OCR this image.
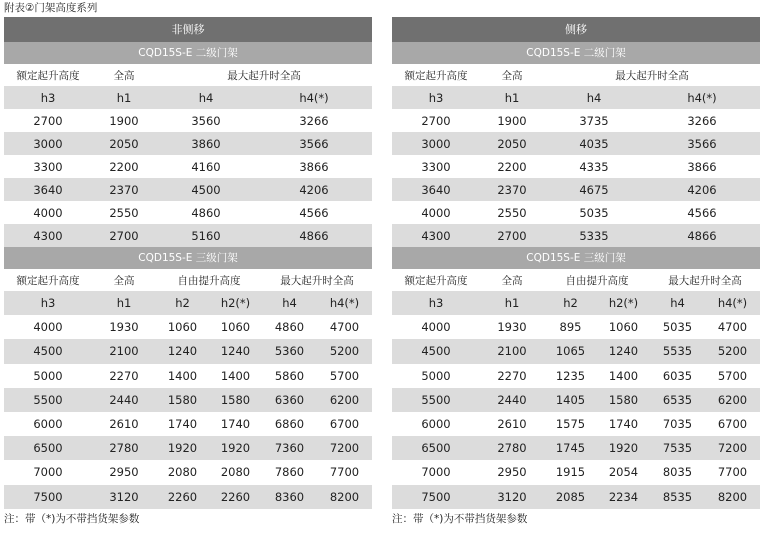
附表②门架高度系列
非侧移
CQD15S-E 二级门架
额定起升高度	全高	最大起升时全高
h3	h1	h4	h4(*)
2700	1900	3560	3266
3000	2050	3860	3566
3300	2200	4160	3866
3640	2370	4500	4206
4000	2550	4860	4566
4300	2700	5160	4866
CQD15S-E 三级门架
额定起升高度	全高	自由提升高度	最大起升时全高
h3	h1	h2	h2(*)	h4	h4(*)
4000	1930	1060	1060	4860	4700
4500	2100	1240	1240	5360	5200
5000	2270	1400	1400	5860	5700
5500	2440	1580	1580	6360	6200
6000	2610	1740	1740	6860	6700
6500	2780	1920	1920	7360	7200
7000	2950	2080	2080	7860	7700
7500	3120	2260	2260	8360	8200
侧移
CQD15S-E 二级门架
额定起升高度	全高	最大起升时全高
h3	h1	h4	h4(*)
2700	1900	3735	3266
3000	2050	4035	3566
3300	2200	4335	3866
3640	2370	4675	4206
4000	2550	5035	4566
4300	2700	5335	4866
CQD15S-E 三级门架
额定起升高度	全高	自由提升高度	最大起升时全高
h3	h1	h2	h2(*)	h4	h4(*)
4000	1930	895	1060	5035	4700
4500	2100	1065	1240	5535	5200
5000	2270	1235	1400	6035	5700
5500	2440	1405	1580	6535	6200
6000	2610	1575	1740	7035	6700
6500	2780	1745	1920	7535	7200
7000	2950	1915	2054	8035	7700
7500	3120	2085	2234	8535	8200
注：带（*)为不带挡货架参数	注：带（*)为不带挡货架参数
